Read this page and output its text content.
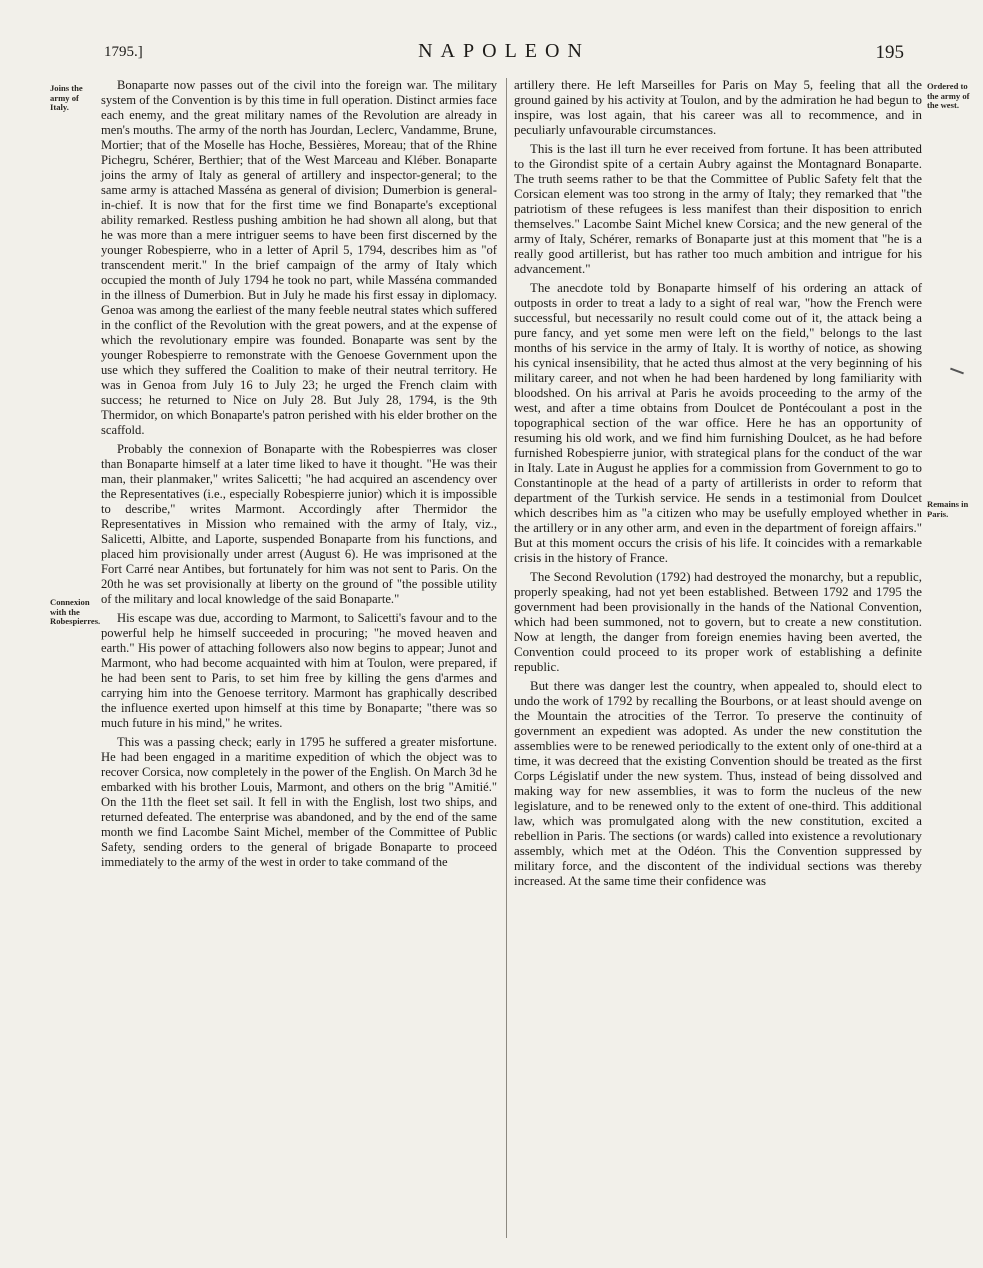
1795.]	NAPOLEON	195
Joins the army of Italy.
Connexion with the Robespierres.
Ordered to the army of the west.
Remains in Paris.

Bonaparte now passes out of the civil into the foreign war. The military system of the Convention is by this time in full operation. Distinct armies face each enemy, and the great military names of the Revolution are already in men's mouths. The army of the north has Jourdan, Leclerc, Vandamme, Brune, Mortier; that of the Moselle has Hoche, Bessières, Moreau; that of the Rhine Pichegru, Schérer, Berthier; that of the West Marceau and Kléber. Bonaparte joins the army of Italy as general of artillery and inspector-general; to the same army is attached Masséna as general of division; Dumerbion is general-in-chief. It is now that for the first time we find Bonaparte's exceptional ability remarked. Restless pushing ambition he had shown all along, but that he was more than a mere intriguer seems to have been first discerned by the younger Robespierre, who in a letter of April 5, 1794, describes him as "of transcendent merit." In the brief campaign of the army of Italy which occupied the month of July 1794 he took no part, while Masséna commanded in the illness of Dumerbion. But in July he made his first essay in diplomacy. Genoa was among the earliest of the many feeble neutral states which suffered in the conflict of the Revolution with the great powers, and at the expense of which the revolutionary empire was founded. Bonaparte was sent by the younger Robespierre to remonstrate with the Genoese Government upon the use which they suffered the Coalition to make of their neutral territory. He was in Genoa from July 16 to July 23; he urged the French claim with success; he returned to Nice on July 28. But July 28, 1794, is the 9th Thermidor, on which Bonaparte's patron perished with his elder brother on the scaffold.

Probably the connexion of Bonaparte with the Robespierres was closer than Bonaparte himself at a later time liked to have it thought. "He was their man, their planmaker," writes Salicetti; "he had acquired an ascendency over the Representatives (i.e., especially Robespierre junior) which it is impossible to describe," writes Marmont. Accordingly after Thermidor the Representatives in Mission who remained with the army of Italy, viz., Salicetti, Albitte, and Laporte, suspended Bonaparte from his functions, and placed him provisionally under arrest (August 6). He was imprisoned at the Fort Carré near Antibes, but fortunately for him was not sent to Paris. On the 20th he was set provisionally at liberty on the ground of "the possible utility of the military and local knowledge of the said Bonaparte."

His escape was due, according to Marmont, to Salicetti's favour and to the powerful help he himself succeeded in procuring; "he moved heaven and earth." His power of attaching followers also now begins to appear; Junot and Marmont, who had become acquainted with him at Toulon, were prepared, if he had been sent to Paris, to set him free by killing the gens d'armes and carrying him into the Genoese territory. Marmont has graphically described the influence exerted upon himself at this time by Bonaparte; "there was so much future in his mind," he writes.

This was a passing check; early in 1795 he suffered a greater misfortune. He had been engaged in a maritime expedition of which the object was to recover Corsica, now completely in the power of the English. On March 3d he embarked with his brother Louis, Marmont, and others on the brig "Amitié." On the 11th the fleet set sail. It fell in with the English, lost two ships, and returned defeated. The enterprise was abandoned, and by the end of the same month we find Lacombe Saint Michel, member of the Committee of Public Safety, sending orders to the general of brigade Bonaparte to proceed immediately to the army of the west in order to take command of the

artillery there. He left Marseilles for Paris on May 5, feeling that all the ground gained by his activity at Toulon, and by the admiration he had begun to inspire, was lost again, that his career was all to recommence, and in peculiarly unfavourable circumstances.

This is the last ill turn he ever received from fortune. It has been attributed to the Girondist spite of a certain Aubry against the Montagnard Bonaparte. The truth seems rather to be that the Committee of Public Safety felt that the Corsican element was too strong in the army of Italy; they remarked that "the patriotism of these refugees is less manifest than their disposition to enrich themselves." Lacombe Saint Michel knew Corsica; and the new general of the army of Italy, Schérer, remarks of Bonaparte just at this moment that "he is a really good artillerist, but has rather too much ambition and intrigue for his advancement."

The anecdote told by Bonaparte himself of his ordering an attack of outposts in order to treat a lady to a sight of real war, "how the French were successful, but necessarily no result could come out of it, the attack being a pure fancy, and yet some men were left on the field," belongs to the last months of his service in the army of Italy. It is worthy of notice, as showing his cynical insensibility, that he acted thus almost at the very beginning of his military career, and not when he had been hardened by long familiarity with bloodshed. On his arrival at Paris he avoids proceeding to the army of the west, and after a time obtains from Doulcet de Pontécoulant a post in the topographical section of the war office. Here he has an opportunity of resuming his old work, and we find him furnishing Doulcet, as he had before furnished Robespierre junior, with strategical plans for the conduct of the war in Italy. Late in August he applies for a commission from Government to go to Constantinople at the head of a party of artillerists in order to reform that department of the Turkish service. He sends in a testimonial from Doulcet which describes him as "a citizen who may be usefully employed whether in the artillery or in any other arm, and even in the department of foreign affairs." But at this moment occurs the crisis of his life. It coincides with a remarkable crisis in the history of France.

The Second Revolution (1792) had destroyed the monarchy, but a republic, properly speaking, had not yet been established. Between 1792 and 1795 the government had been provisionally in the hands of the National Convention, which had been summoned, not to govern, but to create a new constitution. Now at length, the danger from foreign enemies having been averted, the Convention could proceed to its proper work of establishing a definite republic.

But there was danger lest the country, when appealed to, should elect to undo the work of 1792 by recalling the Bourbons, or at least should avenge on the Mountain the atrocities of the Terror. To preserve the continuity of government an expedient was adopted. As under the new constitution the assemblies were to be renewed periodically to the extent only of one-third at a time, it was decreed that the existing Convention should be treated as the first Corps Législatif under the new system. Thus, instead of being dissolved and making way for new assemblies, it was to form the nucleus of the new legislature, and to be renewed only to the extent of one-third. This additional law, which was promulgated along with the new constitution, excited a rebellion in Paris. The sections (or wards) called into existence a revolutionary assembly, which met at the Odéon. This the Convention suppressed by military force, and the discontent of the individual sections was thereby increased. At the same time their confidence was
